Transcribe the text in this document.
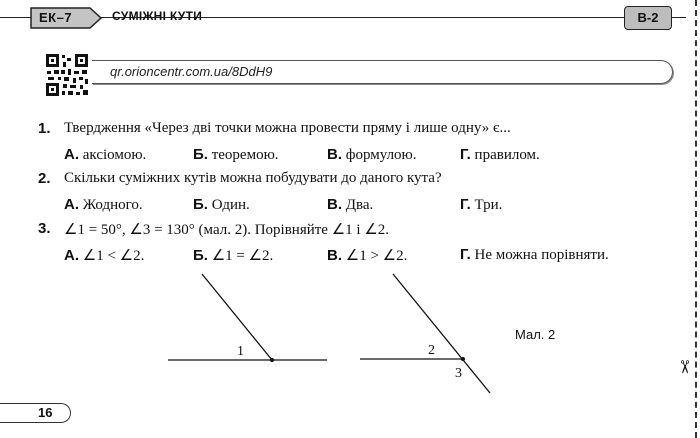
ЕК–7	СУМІЖНІ КУТИ	В-2
qr.orioncentr.com.ua/8DdH9
1. Твердження «Через дві точки можна провести пряму і лише одну» є...
А. аксіомою.	Б. теоремою.	В. формулою.	Г. правилом.
2. Скільки суміжних кутів можна побудувати до даного кута?
А. Жодного.	Б. Один.	В. Два.	Г. Три.
3. ∠1 = 50°, ∠3 = 130° (мал. 2). Порівняйте ∠1 і ∠2.
А. ∠1 < ∠2.	Б. ∠1 = ∠2.	В. ∠1 > ∠2.	Г. Не можна порівняти.
1	2
3
Мал. 2
16
✂
